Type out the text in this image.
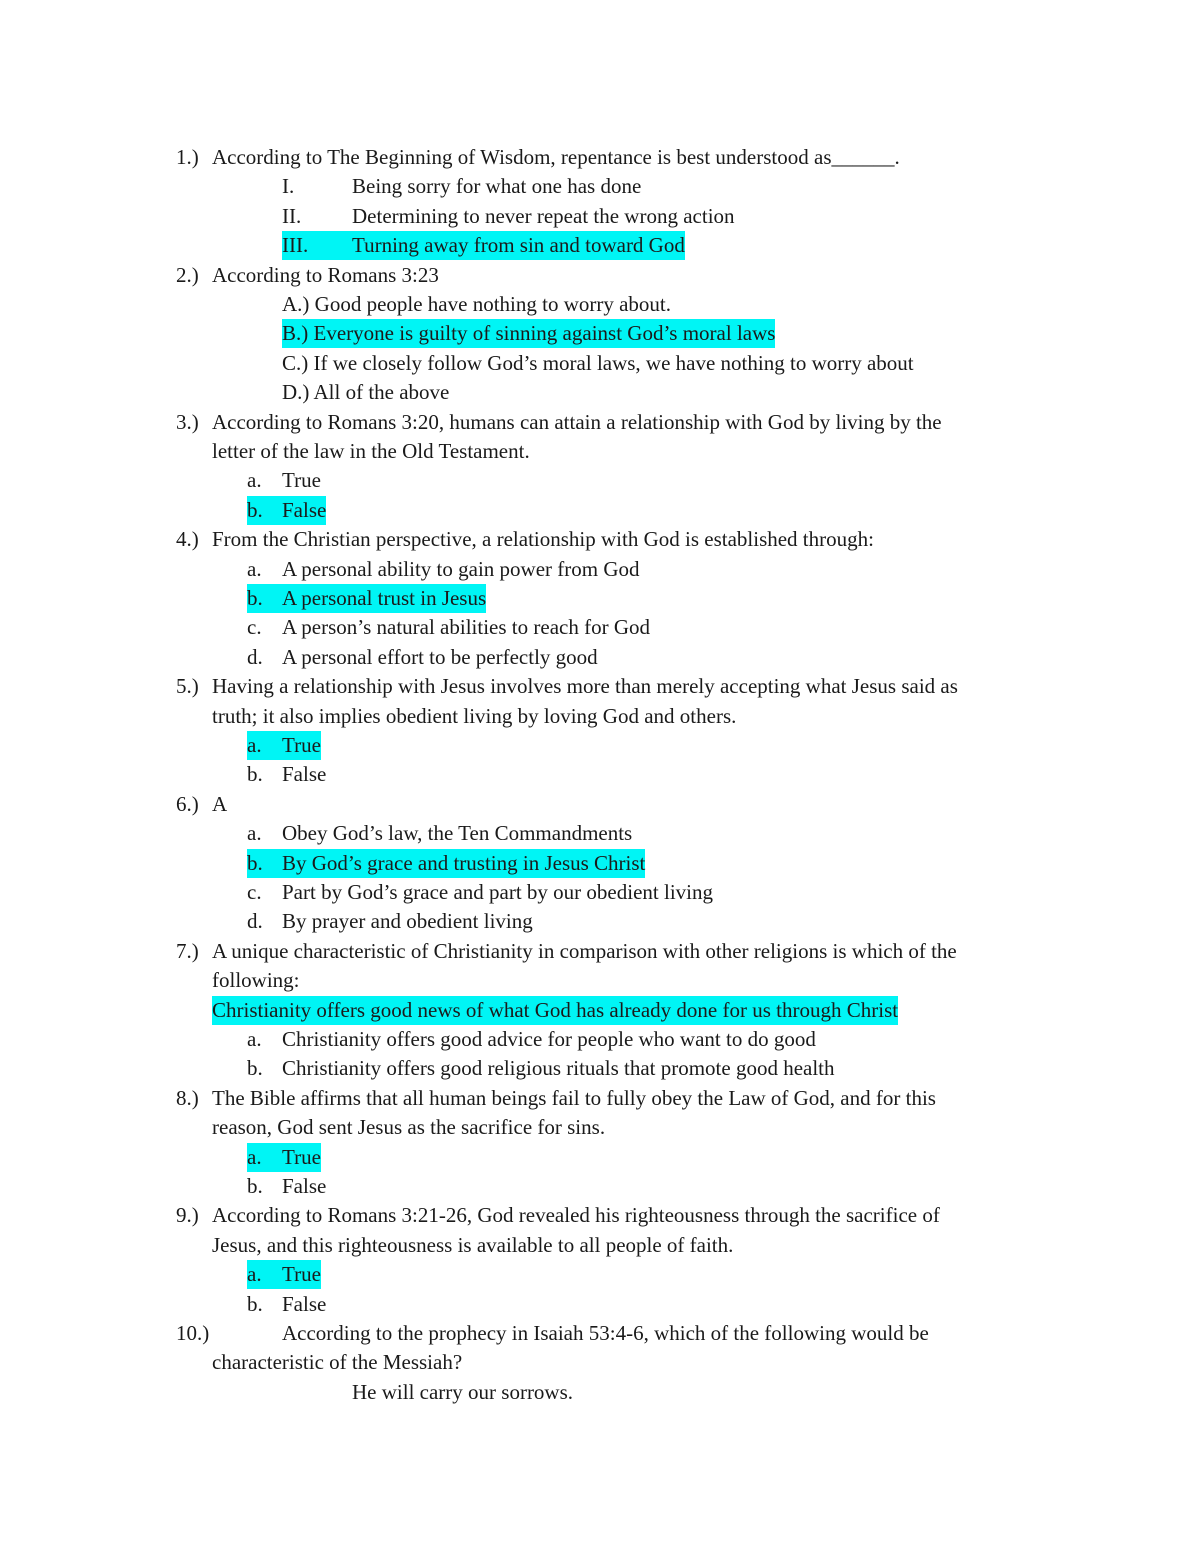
1.) According to The Beginning of Wisdom, repentance is best understood as______.
I.	Being sorry for what one has done
II. Determining to never repeat the wrong action
III. Turning away from sin and toward God
2.) According to Romans 3:23
A.) Good people have nothing to worry about.
B.) Everyone is guilty of sinning against God’s moral laws
C.) If we closely follow God’s moral laws, we have nothing to worry about
D.) All of the above
3.) According to Romans 3:20, humans can attain a relationship with God by living by the
letter of the law in the Old Testament.
a. True
b. False
4.) From the Christian perspective, a relationship with God is established through:
a. A personal ability to gain power from God
b. A personal trust in Jesus
c. A person’s natural abilities to reach for God
d. A personal effort to be perfectly good
5.) Having a relationship with Jesus involves more than merely accepting what Jesus said as
truth; it also implies obedient living by loving God and others.
a. True
b. False
6.) A
a. Obey God’s law, the Ten Commandments
b. By God’s grace and trusting in Jesus Christ
c. Part by God’s grace and part by our obedient living
d. By prayer and obedient living
7.) A unique characteristic of Christianity in comparison with other religions is which of the
following:
Christianity offers good news of what God has already done for us through Christ
a. Christianity offers good advice for people who want to do good
b. Christianity offers good religious rituals that promote good health
8.) The Bible affirms that all human beings fail to fully obey the Law of God, and for this
reason, God sent Jesus as the sacrifice for sins.
a. True
b. False
9.) According to Romans 3:21-26, God revealed his righteousness through the sacrifice of
Jesus, and this righteousness is available to all people of faith.
a. True
b. False
10.)	According to the prophecy in Isaiah 53:4-6, which of the following would be
characteristic of the Messiah?
He will carry our sorrows.
